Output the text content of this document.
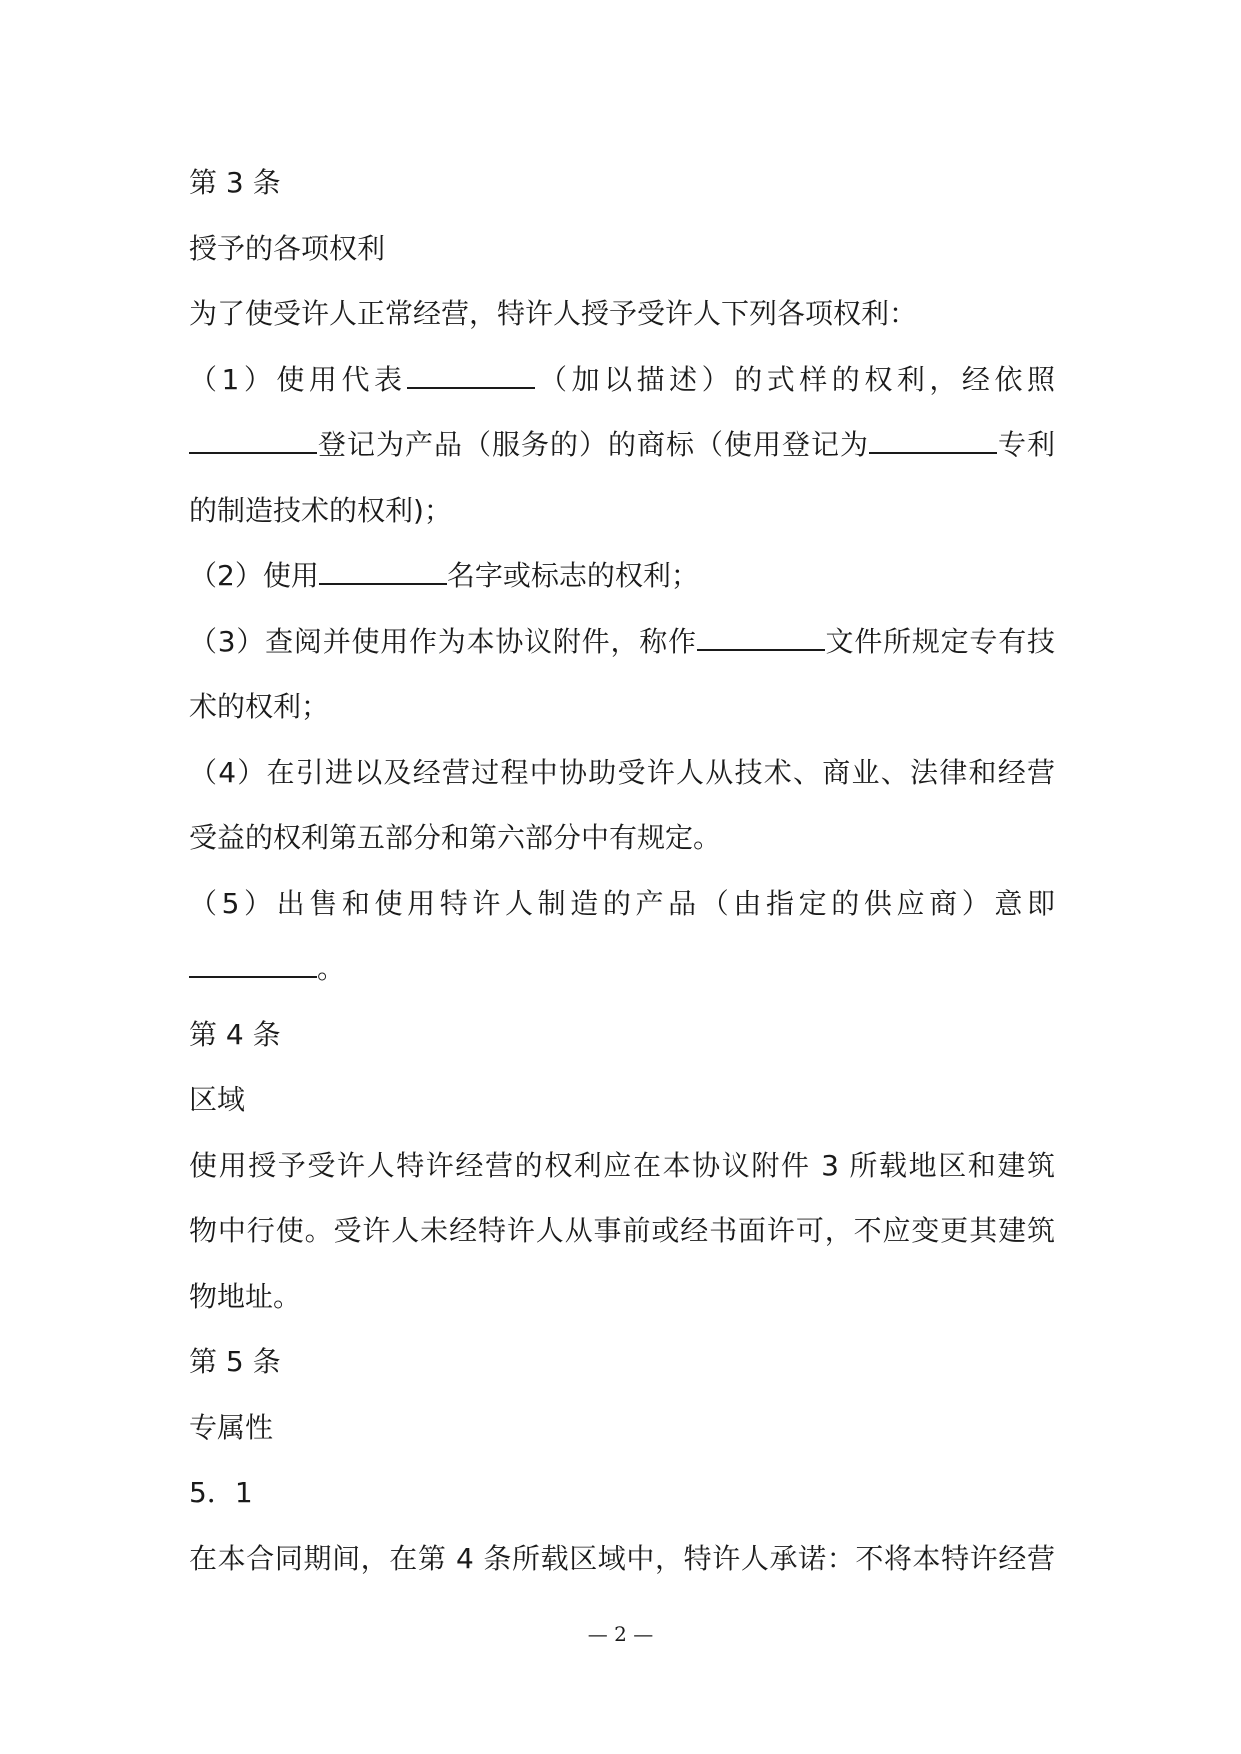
第 3 条
授予的各项权利
为了使受许人正常经营，特许人授予受许人下列各项权利：
（1）使用代表	（加以描述）的式样的权利，经依照
登记为产品（服务的）的商标（使用登记为	专利
的制造技术的权利)；
（2）使用	名字或标志的权利；
（3）查阅并使用作为本协议附件，称作	文件所规定专有技
术的权利；
（4）在引进以及经营过程中协助受许人从技术、商业、法律和经营
受益的权利第五部分和第六部分中有规定。
（5）出售和使用特许人制造的产品（由指定的供应商）意即
。
第 4 条
区域
使用授予受许人特许经营的权利应在本协议附件 3 所载地区和建筑
物中行使。受许人未经特许人从事前或经书面许可，不应变更其建筑
物地址。
第 5 条
专属性
5．1
在本合同期间，在第 4 条所载区域中，特许人承诺：不将本特许经营
— 2 —
